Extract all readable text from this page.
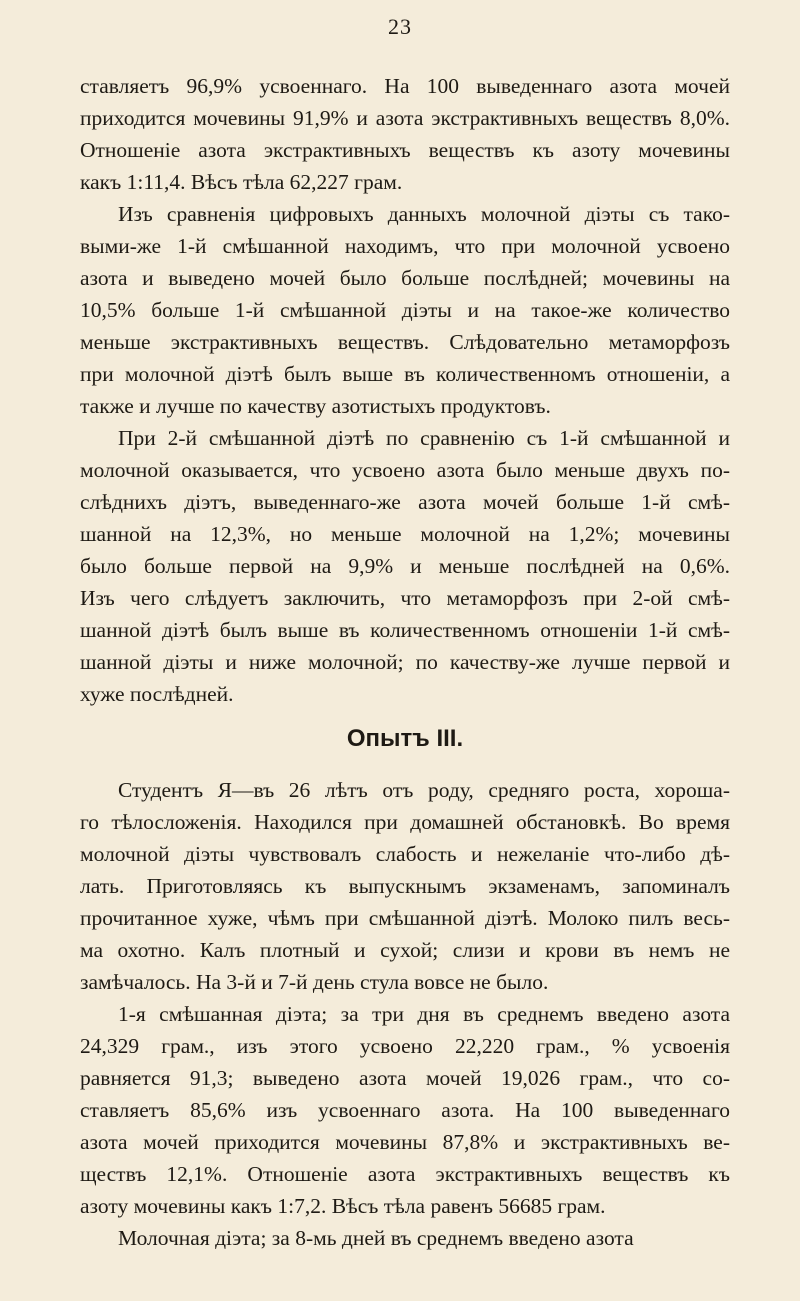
23
ставляетъ 96,9% усвоеннаго. На 100 выведеннаго азота мочей
приходится мочевины 91,9% и азота экстрактивныхъ веществъ 8,0%.
Отношеніе азота экстрактивныхъ веществъ къ азоту мочевины
какъ 1:11,4. Вѣсъ тѣла 62,227 грам.
Изъ сравненія цифровыхъ данныхъ молочной діэты съ тако-
выми-же 1-й смѣшанной находимъ, что при молочной усвоено
азота и выведено мочей было больше послѣдней; мочевины на
10,5% больше 1-й смѣшанной діэты и на такое-же количество
меньше экстрактивныхъ веществъ. Слѣдовательно метаморфозъ
при молочной діэтѣ былъ выше въ количественномъ отношеніи, а
также и лучше по качеству азотистыхъ продуктовъ.
При 2-й смѣшанной діэтѣ по сравненію съ 1-й смѣшанной и
молочной оказывается, что усвоено азота было меньше двухъ по-
слѣднихъ діэтъ, выведеннаго-же азота мочей больше 1-й смѣ-
шанной на 12,3%, но меньше молочной на 1,2%; мочевины
было больше первой на 9,9% и меньше послѣдней на 0,6%.
Изъ чего слѣдуетъ заключить, что метаморфозъ при 2-ой смѣ-
шанной діэтѣ былъ выше въ количественномъ отношеніи 1-й смѣ-
шанной діэты и ниже молочной; по качеству-же лучше первой и
хуже послѣдней.
Опытъ III.
Студентъ Я—въ 26 лѣтъ отъ роду, средняго роста, хороша-
го тѣлосложенія. Находился при домашней обстановкѣ. Во время
молочной діэты чувствовалъ слабость и нежеланіе что-либо дѣ-
лать. Приготовляясь къ выпускнымъ экзаменамъ, запоминалъ
прочитанное хуже, чѣмъ при смѣшанной діэтѣ. Молоко пилъ весь-
ма охотно. Калъ плотный и сухой; слизи и крови въ немъ не
замѣчалось. На 3-й и 7-й день стула вовсе не было.
1-я смѣшанная діэта; за три дня въ среднемъ введено азота
24,329 грам., изъ этого усвоено 22,220 грам., % усвоенія
равняется 91,3; выведено азота мочей 19,026 грам., что со-
ставляетъ 85,6% изъ усвоеннаго азота. На 100 выведеннаго
азота мочей приходится мочевины 87,8% и экстрактивныхъ ве-
ществъ 12,1%. Отношеніе азота экстрактивныхъ веществъ къ
азоту мочевины какъ 1:7,2. Вѣсъ тѣла равенъ 56685 грам.
Молочная діэта; за 8-мь дней въ среднемъ введено азота
